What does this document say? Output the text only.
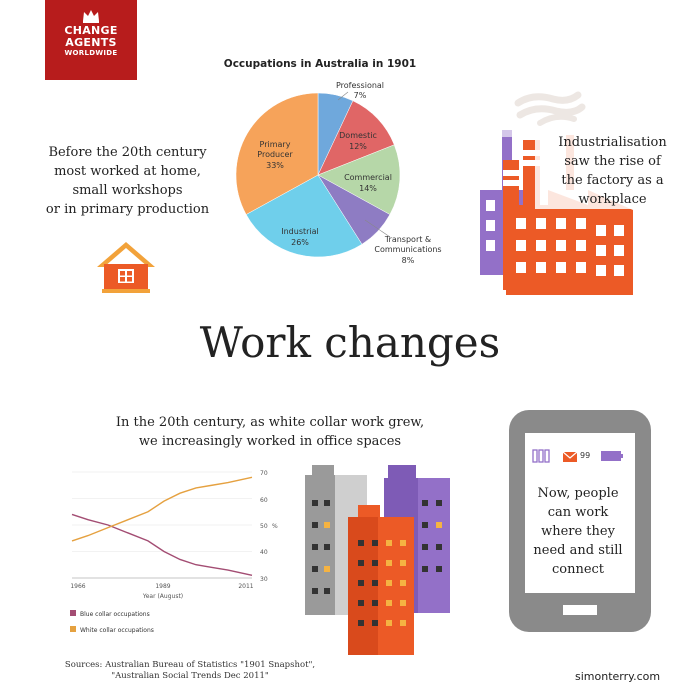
CHANGE
AGENTS
WORLDWIDE
Occupations in Australia in 1901
Professional
7%
Domestic
12%
Commercial
14%
Transport &
Communications
8%
Industrial
26%
Primary
Producer
33%
Before the 20th century
most worked at home,
small workshops
or in primary production
Industrialisation
saw the rise of
the factory as a
workplace
Work changes
In the 20th century, as white collar work grew,
we increasingly worked in office spaces
1966	1989	2011
Year (August)
70
60
50
40
30
%
Blue collar occupations
White collar occupations
99
Now, people
can work
where they
need and still
connect
Sources: Australian Bureau of Statistics "1901 Snapshot",
"Australian Social Trends Dec 2011"	simonterry.com
